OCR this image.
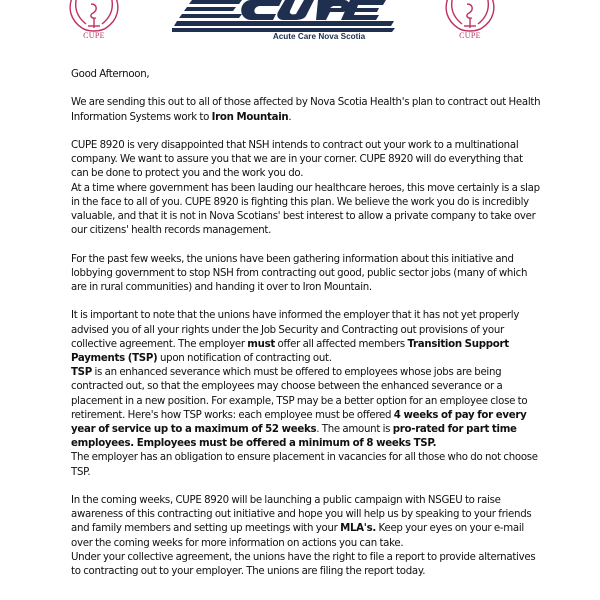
CUPE
Local 8920
Acute Care Nova Scotia	CUPE

Good Afternoon,

We are sending this out to all of those affected by Nova Scotia Health's plan to contract out Health Information Systems work to Iron Mountain.

CUPE 8920 is very disappointed that NSH intends to contract out your work to a multinational company. We want to assure you that we are in your corner. CUPE 8920 will do everything that can be done to protect you and the work you do.
At a time where government has been lauding our healthcare heroes, this move certainly is a slap in the face to all of you. CUPE 8920 is fighting this plan. We believe the work you do is incredibly valuable, and that it is not in Nova Scotians' best interest to allow a private company to take over our citizens' health records management.

For the past few weeks, the unions have been gathering information about this initiative and lobbying government to stop NSH from contracting out good, public sector jobs (many of which are in rural communities) and handing it over to Iron Mountain.

It is important to note that the unions have informed the employer that it has not yet properly advised you of all your rights under the Job Security and Contracting out provisions of your collective agreement. The employer must offer all affected members Transition Support Payments (TSP) upon notification of contracting out.
TSP is an enhanced severance which must be offered to employees whose jobs are being contracted out, so that the employees may choose between the enhanced severance or a placement in a new position. For example, TSP may be a better option for an employee close to retirement. Here's how TSP works: each employee must be offered 4 weeks of pay for every year of service up to a maximum of 52 weeks. The amount is pro-rated for part time employees. Employees must be offered a minimum of 8 weeks TSP.
The employer has an obligation to ensure placement in vacancies for all those who do not choose TSP.

In the coming weeks, CUPE 8920 will be launching a public campaign with NSGEU to raise awareness of this contracting out initiative and hope you will help us by speaking to your friends and family members and setting up meetings with your MLA's. Keep your eyes on your e-mail over the coming weeks for more information on actions you can take.
Under your collective agreement, the unions have the right to file a report to provide alternatives to contracting out to your employer. The unions are filing the report today.
